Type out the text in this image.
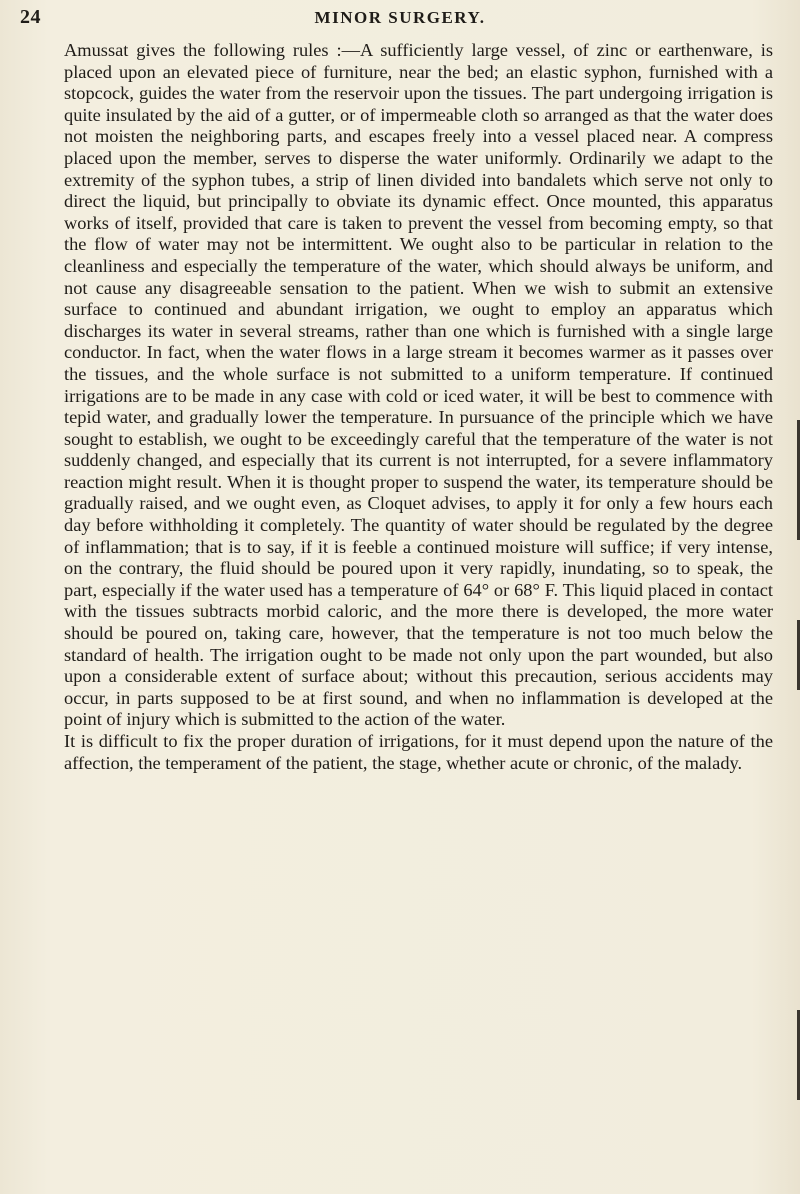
24	MINOR SURGERY.

Amussat gives the following rules :—A sufficiently large vessel, of zinc or earthenware, is placed upon an elevated piece of furniture, near the bed; an elastic syphon, furnished with a stopcock, guides the water from the reservoir upon the tissues. The part undergoing irrigation is quite insulated by the aid of a gutter, or of impermeable cloth so arranged as that the water does not moisten the neighboring parts, and escapes freely into a vessel placed near. A compress placed upon the member, serves to disperse the water uniformly. Ordinarily we adapt to the extremity of the syphon tubes, a strip of linen divided into bandalets which serve not only to direct the liquid, but principally to obviate its dynamic effect. Once mounted, this apparatus works of itself, provided that care is taken to prevent the vessel from becoming empty, so that the flow of water may not be intermittent. We ought also to be particular in relation to the cleanliness and especially the temperature of the water, which should always be uniform, and not cause any disagreeable sensation to the patient. When we wish to submit an extensive surface to continued and abundant irrigation, we ought to employ an apparatus which discharges its water in several streams, rather than one which is furnished with a single large conductor. In fact, when the water flows in a large stream it becomes warmer as it passes over the tissues, and the whole surface is not submitted to a uniform temperature. If continued irrigations are to be made in any case with cold or iced water, it will be best to commence with tepid water, and gradually lower the temperature. In pursuance of the principle which we have sought to establish, we ought to be exceedingly careful that the temperature of the water is not suddenly changed, and especially that its current is not interrupted, for a severe inflammatory reaction might result. When it is thought proper to suspend the water, its temperature should be gradually raised, and we ought even, as Cloquet advises, to apply it for only a few hours each day before withholding it completely. The quantity of water should be regulated by the degree of inflammation; that is to say, if it is feeble a continued moisture will suffice; if very intense, on the contrary, the fluid should be poured upon it very rapidly, inundating, so to speak, the part, especially if the water used has a temperature of 64° or 68° F. This liquid placed in contact with the tissues subtracts morbid caloric, and the more there is developed, the more water should be poured on, taking care, however, that the temperature is not too much below the standard of health. The irrigation ought to be made not only upon the part wounded, but also upon a considerable extent of surface about; without this precaution, serious accidents may occur, in parts supposed to be at first sound, and when no inflammation is developed at the point of injury which is submitted to the action of the water.

It is difficult to fix the proper duration of irrigations, for it must depend upon the nature of the affection, the temperament of the patient, the stage, whether acute or chronic, of the malady.
